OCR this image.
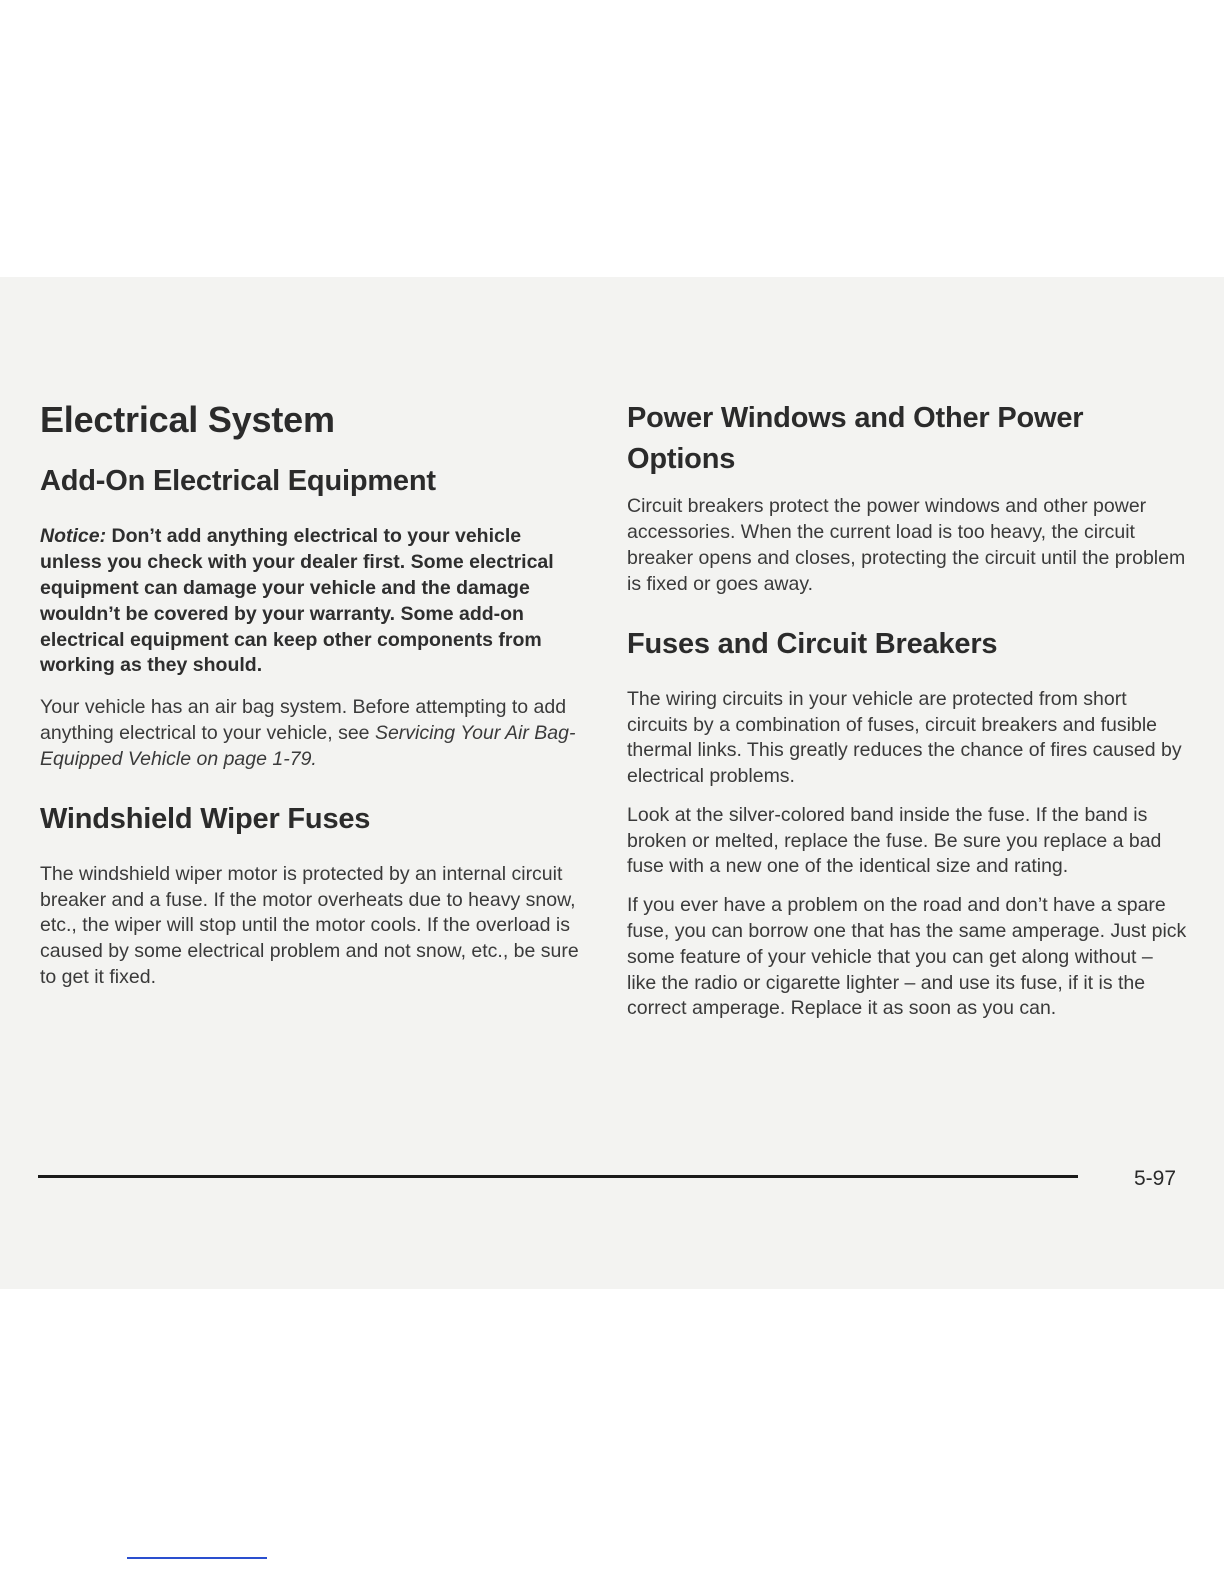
Electrical System
Add-On Electrical Equipment

Notice: Don’t add anything electrical to your vehicle unless you check with your dealer first. Some electrical equipment can damage your vehicle and the damage wouldn’t be covered by your warranty. Some add-on electrical equipment can keep other components from working as they should.

Your vehicle has an air bag system. Before attempting to add anything electrical to your vehicle, see Servicing Your Air Bag-Equipped Vehicle on page 1-79.

Windshield Wiper Fuses

The windshield wiper motor is protected by an internal circuit breaker and a fuse. If the motor overheats due to heavy snow, etc., the wiper will stop until the motor cools. If the overload is caused by some electrical problem and not snow, etc., be sure to get it fixed.

Power Windows and Other Power Options

Circuit breakers protect the power windows and other power accessories. When the current load is too heavy, the circuit breaker opens and closes, protecting the circuit until the problem is fixed or goes away.

Fuses and Circuit Breakers

The wiring circuits in your vehicle are protected from short circuits by a combination of fuses, circuit breakers and fusible thermal links. This greatly reduces the chance of fires caused by electrical problems.

Look at the silver-colored band inside the fuse. If the band is broken or melted, replace the fuse. Be sure you replace a bad fuse with a new one of the identical size and rating.

If you ever have a problem on the road and don’t have a spare fuse, you can borrow one that has the same amperage. Just pick some feature of your vehicle that you can get along without – like the radio or cigarette lighter – and use its fuse, if it is the correct amperage. Replace it as soon as you can.

5-97
